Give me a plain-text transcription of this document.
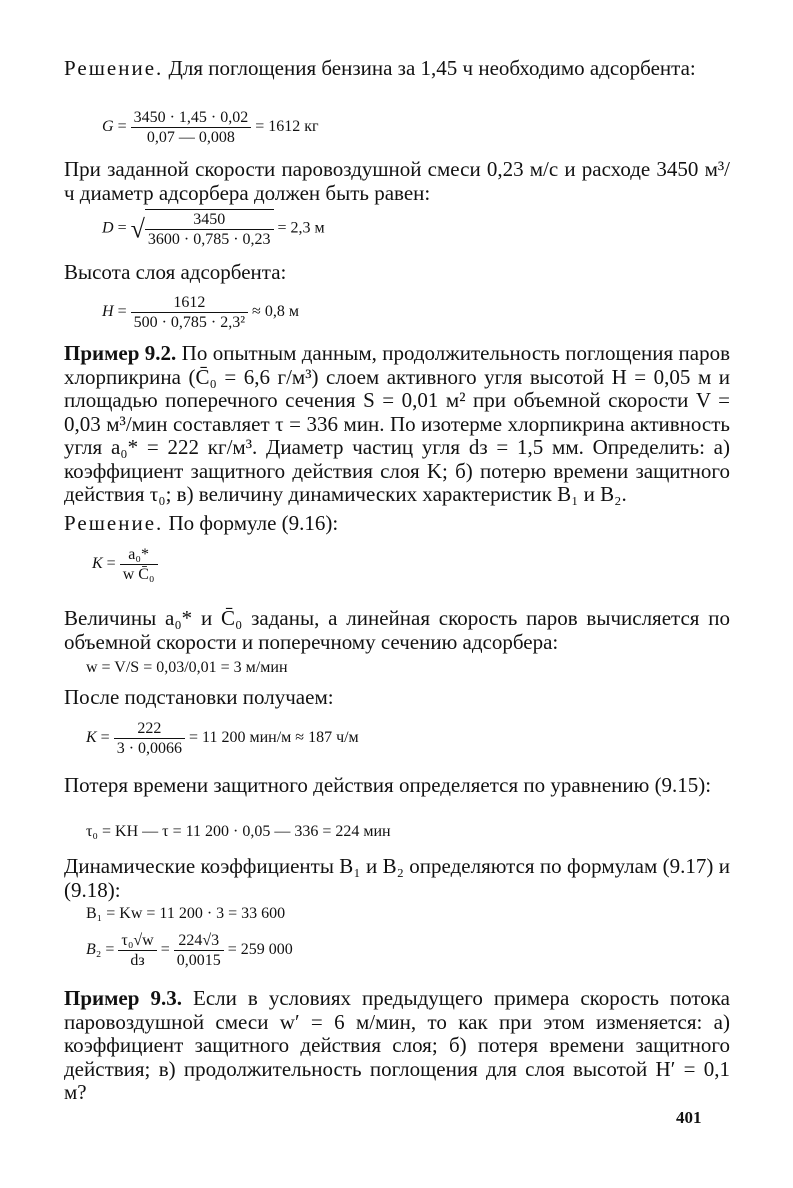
Решение. Для поглощения бензина за 1,45 ч необходимо адсорбента:
$G = \frac{3450 \cdot 1,45 \cdot 0,02}{0,07 — 0,008} = 1612$ кг
При заданной скорости паровоздушной смеси 0,23 м/с и расходе 3450 м³/ч диаметр адсорбера должен быть равен:
D = √ $\frac{3450}{3600 \cdot 0,785 \cdot 0,23} = 2,3$ м
Высота слоя адсорбента:
$H = \frac{1612}{\text{500 · 0,785 · 2,3²}} \approx 0,8$ м
Пример 9.2. По опытным данным, продолжительность поглощения паров хлорпикрина (C̄₀ = 6,6 г/м³) слоем активного угля высотой H = 0,05 м и площадью поперечного сечения S = 0,01 м² при объемной скорости V = 0,03 м³/мин составляет τ = 336 мин. По изотерме хлорпикрина активность угля a₀* = 222 кг/м³. Диаметр частиц угля dз = 1,5 мм. Определить: а) коэффициент защитного действия слоя K; б) потерю времени защитного действия τ₀; в) величину динамических характеристик B₁ и B₂.
Решение. По формуле (9.16):
$K = \frac{\text{a₀*}}{\text{w C̄₀}}$
Величины a₀* и C̄₀ заданы, а линейная скорость паров вычисляется по объемной скорости и поперечному сечению адсорбера:
w = V/S = 0,03/0,01 = 3 м/мин
После подстановки получаем:
$K = \frac{222}{3 \cdot 0,0066} = 11$ 200 мин/м ≈ 187 ч/м
Потеря времени защитного действия определяется по уравнению (9.15):
τ₀ = KH — τ = 11 200 · 0,05 — 336 = 224 мин
Динамические коэффициенты B₁ и B₂ определяются по формулам (9.17) и (9.18):
B₁ = Kw = 11 200 · 3 = 33 600
$B_2 = \frac{\text{τ₀√w}}{dз} = \frac{224√3}{0,0015} = 259$ 000
Пример 9.3. Если в условиях предыдущего примера скорость потока паровоздушной смеси w′ = 6 м/мин, то как при этом изменяется: а) коэффициент защитного действия слоя; б) потеря времени защитного действия; в) продолжительность поглощения для слоя высотой H′ = 0,1 м?
401
